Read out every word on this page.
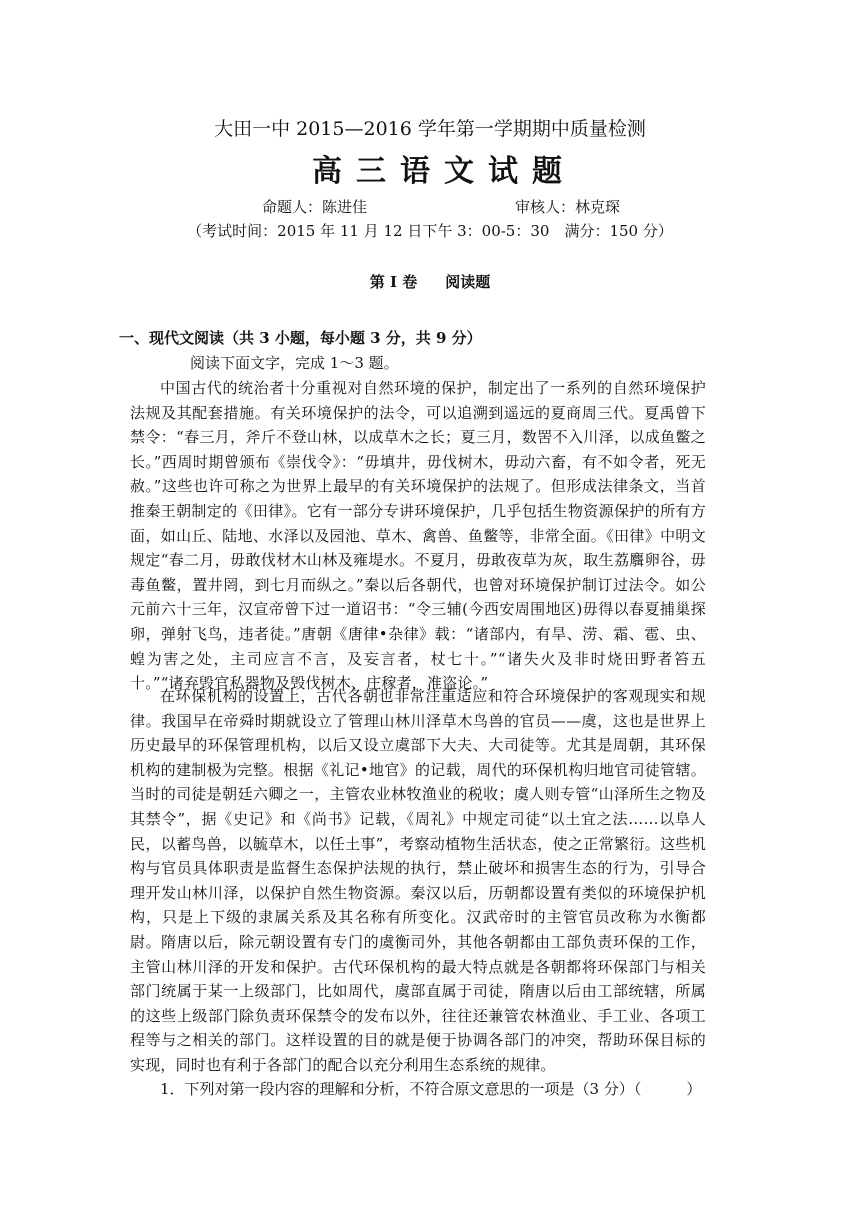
大田一中 2015—2016 学年第一学期期中质量检测
高三语文试题
命题人：陈进佳	审核人：林克琛
（考试时间：2015 年 11 月 12 日下午 3：00-5：30　满分：150 分）
第 I 卷 阅读题
一、现代文阅读（共 3 小题，每小题 3 分，共 9 分）
阅读下面文字，完成 1～3 题。

中国古代的统治者十分重视对自然环境的保护，制定出了一系列的自然环境保护法规及其配套措施。有关环境保护的法令，可以追溯到遥远的夏商周三代。夏禹曾下禁令：“春三月，斧斤不登山林，以成草木之长；夏三月，数罟不入川泽，以成鱼鳖之长。”西周时期曾颁布《崇伐令》：“毋填井，毋伐树木，毋动六畜，有不如令者，死无赦。”这些也许可称之为世界上最早的有关环境保护的法规了。但形成法律条文，当首推秦王朝制定的《田律》。它有一部分专讲环境保护，几乎包括生物资源保护的所有方面，如山丘、陆地、水泽以及园池、草木、禽兽、鱼鳖等，非常全面。《田律》中明文规定“春二月，毋敢伐材木山林及雍堤水。不夏月，毋敢夜草为灰，取生荔麛卵谷，毋毒鱼鳖，置井罔，到七月而纵之。”秦以后各朝代，也曾对环境保护制订过法令。如公元前六十三年，汉宣帝曾下过一道诏书：“令三辅(今西安周围地区)毋得以春夏捕巢探卵，弹射飞鸟，违者徒。”唐朝《唐律•杂律》载：“诸部内，有旱、涝、霜、雹、虫、蝗为害之处，主司应言不言，及妄言者，杖七十。”“诸失火及非时烧田野者笞五十。”“诸弃毁官私器物及毁伐树木、庄稼者，准盗论。”

在环保机构的设置上，古代各朝也非常注重适应和符合环境保护的客观现实和规律。我国早在帝舜时期就设立了管理山林川泽草木鸟兽的官员——虞，这也是世界上历史最早的环保管理机构，以后又设立虞部下大夫、大司徒等。尤其是周朝，其环保机构的建制极为完整。根据《礼记•地官》的记载，周代的环保机构归地官司徒管辖。当时的司徒是朝廷六卿之一，主管农业林牧渔业的税收；虞人则专管“山泽所生之物及其禁令”，据《史记》和《尚书》记载，《周礼》中规定司徒“以土宜之法……以阜人民，以蓄鸟兽，以毓草木，以任土事”，考察动植物生活状态，使之正常繁衍。这些机构与官员具体职责是监督生态保护法规的执行，禁止破坏和损害生态的行为，引导合理开发山林川泽，以保护自然生物资源。秦汉以后，历朝都设置有类似的环境保护机构，只是上下级的隶属关系及其名称有所变化。汉武帝时的主管官员改称为水衡都尉。隋唐以后，除元朝设置有专门的虞衡司外，其他各朝都由工部负责环保的工作，主管山林川泽的开发和保护。古代环保机构的最大特点就是各朝都将环保部门与相关部门统属于某一上级部门，比如周代，虞部直属于司徒，隋唐以后由工部统辖，所属的这些上级部门除负责环保禁令的发布以外，往往还兼管农林渔业、手工业、各项工程等与之相关的部门。这样设置的目的就是便于协调各部门的冲突，帮助环保目标的实现，同时也有利于各部门的配合以充分利用生态系统的规律。

1．下列对第一段内容的理解和分析，不符合原文意思的一项是（3 分）（　　　）
